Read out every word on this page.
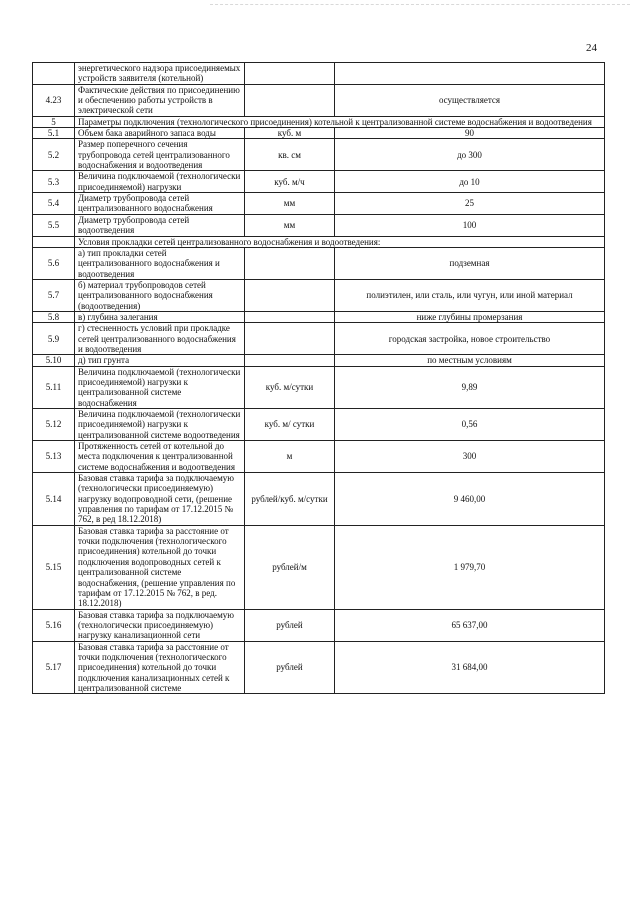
24
	энергетического надзора присоединяемых устройств заявителя (котельной)		
4.23	Фактические действия по присоединению и обеспечению работы устройств в электрической сети		осуществляется
5	Параметры подключения (технологического присоединения) котельной к централизованной системе водоснабжения и водоотведения		
5.1	Объем бака аварийного запаса воды	куб. м	90
5.2	Размер поперечного сечения трубопровода сетей централизованного водоснабжения и водоотведения	кв. см	до 300
5.3	Величина подключаемой (технологически присоединяемой) нагрузки	куб. м/ч	до 10
5.4	Диаметр трубопровода сетей централизованного водоснабжения	мм	25
5.5	Диаметр трубопровода сетей водоотведения	мм	100
	Условия прокладки сетей централизованного водоснабжения и водоотведения:		
5.6	а) тип прокладки сетей централизованного водоснабжения и водоотведения		подземная
5.7	б) материал трубопроводов сетей централизованного водоснабжения (водоотведения)		полиэтилен, или сталь, или чугун, или иной материал
5.8	в) глубина залегания		ниже глубины промерзания
5.9	г) стесненность условий при прокладке сетей централизованного водоснабжения и водоотведения		городская застройка, новое строительство
5.10	д) тип грунта		по местным условиям
5.11	Величина подключаемой (технологически присоединяемой) нагрузки к централизованной системе водоснабжения	куб. м/сутки	9,89
5.12	Величина подключаемой (технологически присоединяемой) нагрузки к централизованной системе водоотведения	куб. м/ сутки	0,56
5.13	Протяженность сетей от котельной до места подключения к централизованной системе водоснабжения и водоотведения	м	300
5.14	Базовая ставка тарифа за подключаемую (технологически присоединяемую) нагрузку водопроводной сети, (решение управления по тарифам от 17.12.2015 № 762, в ред 18.12.2018)	рублей/куб. м/сутки	9 460,00
5.15	Базовая ставка тарифа за расстояние от точки подключения (технологического присоединения) котельной до точки подключения водопроводных сетей к централизованной системе водоснабжения, (решение управления по тарифам от 17.12.2015 № 762, в ред. 18.12.2018)	рублей/м	1 979,70
5.16	Базовая ставка тарифа за подключаемую (технологически присоединяемую) нагрузку канализационной сети	рублей	65 637,00
5.17	Базовая ставка тарифа за расстояние от точки подключения (технологического присоединения) котельной до точки подключения канализационных сетей к централизованной системе	рублей	31 684,00
